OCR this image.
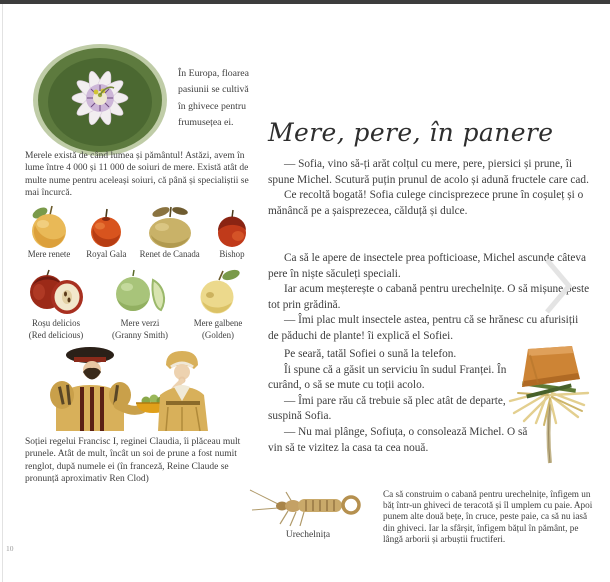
În Europa, floarea pasiunii se cultivă în ghivece pentru frumusețea ei.
Merele există de când lumea și pământul! Astăzi, avem în lume între 4 000 și 11 000 de soiuri de mere. Există atât de multe nume pentru aceleași soiuri, că până și specialiștii se mai încurcă.
Mere renete Royal Gala Renet de Canada Bishop
Roșu delicios
(Red delicious)
Mere verzi
(Granny Smith)
Mere galbene
(Golden)
Soției regelui Francisc I, reginei Claudia, îi plăceau mult prunele. Atât de mult, încât un soi de prune a fost numit renglot, după numele ei (în franceză, Reine Claude se pronunță aproximativ Ren Clod)
10
Mere, pere, în panere

— Sofia, vino să-ți arăt colțul cu mere, pere, piersici și prune, îi spune Michel. Scutură puțin prunul de acolo și adună fructele care cad.

Ce recoltă bogată! Sofia culege cincisprezece prune în coșuleț și o mănâncă pe a șaisprezecea, călduță și dulce.

Ca să le apere de insectele prea pofticioase, Michel ascunde câteva pere în niște săculeți speciali.

Iar acum meșterește o cabană pentru urechelnițe. O să mișune peste tot prin grădină.

— Îmi plac mult insectele astea, pentru că se hrănesc cu afurisiții de păduchi de plante! îi explică el Sofiei.

Pe seară, tatăl Sofiei o sună la telefon.

Îi spune că a găsit un serviciu în sudul Franței. În curând, o să se mute cu toții acolo.

— Îmi pare rău că trebuie să plec atât de departe, suspină Sofia.

— Nu mai plânge, Sofiuța, o consolează Michel. O să vin să te vizitez la casa ta cea nouă.

Urechelnița
Ca să construim o cabană pentru urechelnițe, înfigem un băț într-un ghiveci de teracotă și îl umplem cu paie. Apoi punem alte două bețe, în cruce, peste paie, ca să nu iasă din ghiveci. Iar la sfârșit, înfigem bățul în pământ, pe lângă arborii și arbuștii fructiferi.
